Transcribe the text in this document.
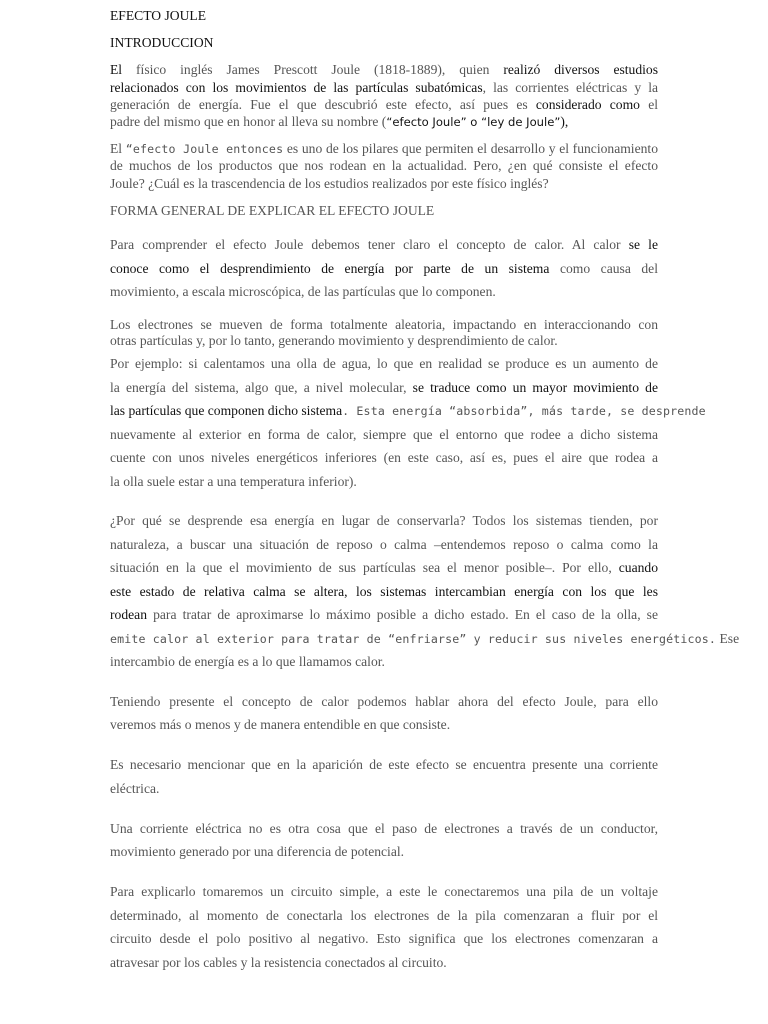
EFECTO JOULE
INTRODUCCION
El físico inglés James Prescott Joule (1818-1889), quien realizó diversos estudios
relacionados con los movimientos de las partículas subatómicas, las corrientes eléctricas y la
generación de energía. Fue el que descubrió este efecto, así pues es considerado como el
padre del mismo que en honor al lleva su nombre (“efecto Joule” o “ley de Joule”),
El “efecto Joule entonces es uno de los pilares que permiten el desarrollo y el funcionamiento
de muchos de los productos que nos rodean en la actualidad. Pero, ¿en qué consiste el efecto
Joule? ¿Cuál es la trascendencia de los estudios realizados por este físico inglés?
FORMA GENERAL DE EXPLICAR EL EFECTO JOULE
Para comprender el efecto Joule debemos tener claro el concepto de calor. Al calor se le
conoce como el desprendimiento de energía por parte de un sistema como causa del
movimiento, a escala microscópica, de las partículas que lo componen.
Los electrones se mueven de forma totalmente aleatoria, impactando en interaccionando con
otras partículas y, por lo tanto, generando movimiento y desprendimiento de calor.
Por ejemplo: si calentamos una olla de agua, lo que en realidad se produce es un aumento de
la energía del sistema, algo que, a nivel molecular, se traduce como un mayor movimiento de
las partículas que componen dicho sistema. Esta energía “absorbida”, más tarde, se desprende
nuevamente al exterior en forma de calor, siempre que el entorno que rodee a dicho sistema
cuente con unos niveles energéticos inferiores (en este caso, así es, pues el aire que rodea a
la olla suele estar a una temperatura inferior).
¿Por qué se desprende esa energía en lugar de conservarla? Todos los sistemas tienden, por
naturaleza, a buscar una situación de reposo o calma –entendemos reposo o calma como la
situación en la que el movimiento de sus partículas sea el menor posible–. Por ello, cuando
este estado de relativa calma se altera, los sistemas intercambian energía con los que les
rodean para tratar de aproximarse lo máximo posible a dicho estado. En el caso de la olla, se
emite calor al exterior para tratar de “enfriarse” y reducir sus niveles energéticos. Ese
intercambio de energía es a lo que llamamos calor.
Teniendo presente el concepto de calor podemos hablar ahora del efecto Joule, para ello
veremos más o menos y de manera entendible en que consiste.
Es necesario mencionar que en la aparición de este efecto se encuentra presente una corriente
eléctrica.
Una corriente eléctrica no es otra cosa que el paso de electrones a través de un conductor,
movimiento generado por una diferencia de potencial.
Para explicarlo tomaremos un circuito simple, a este le conectaremos una pila de un voltaje
determinado, al momento de conectarla los electrones de la pila comenzaran a fluir por el
circuito desde el polo positivo al negativo. Esto significa que los electrones comenzaran a
atravesar por los cables y la resistencia conectados al circuito.
